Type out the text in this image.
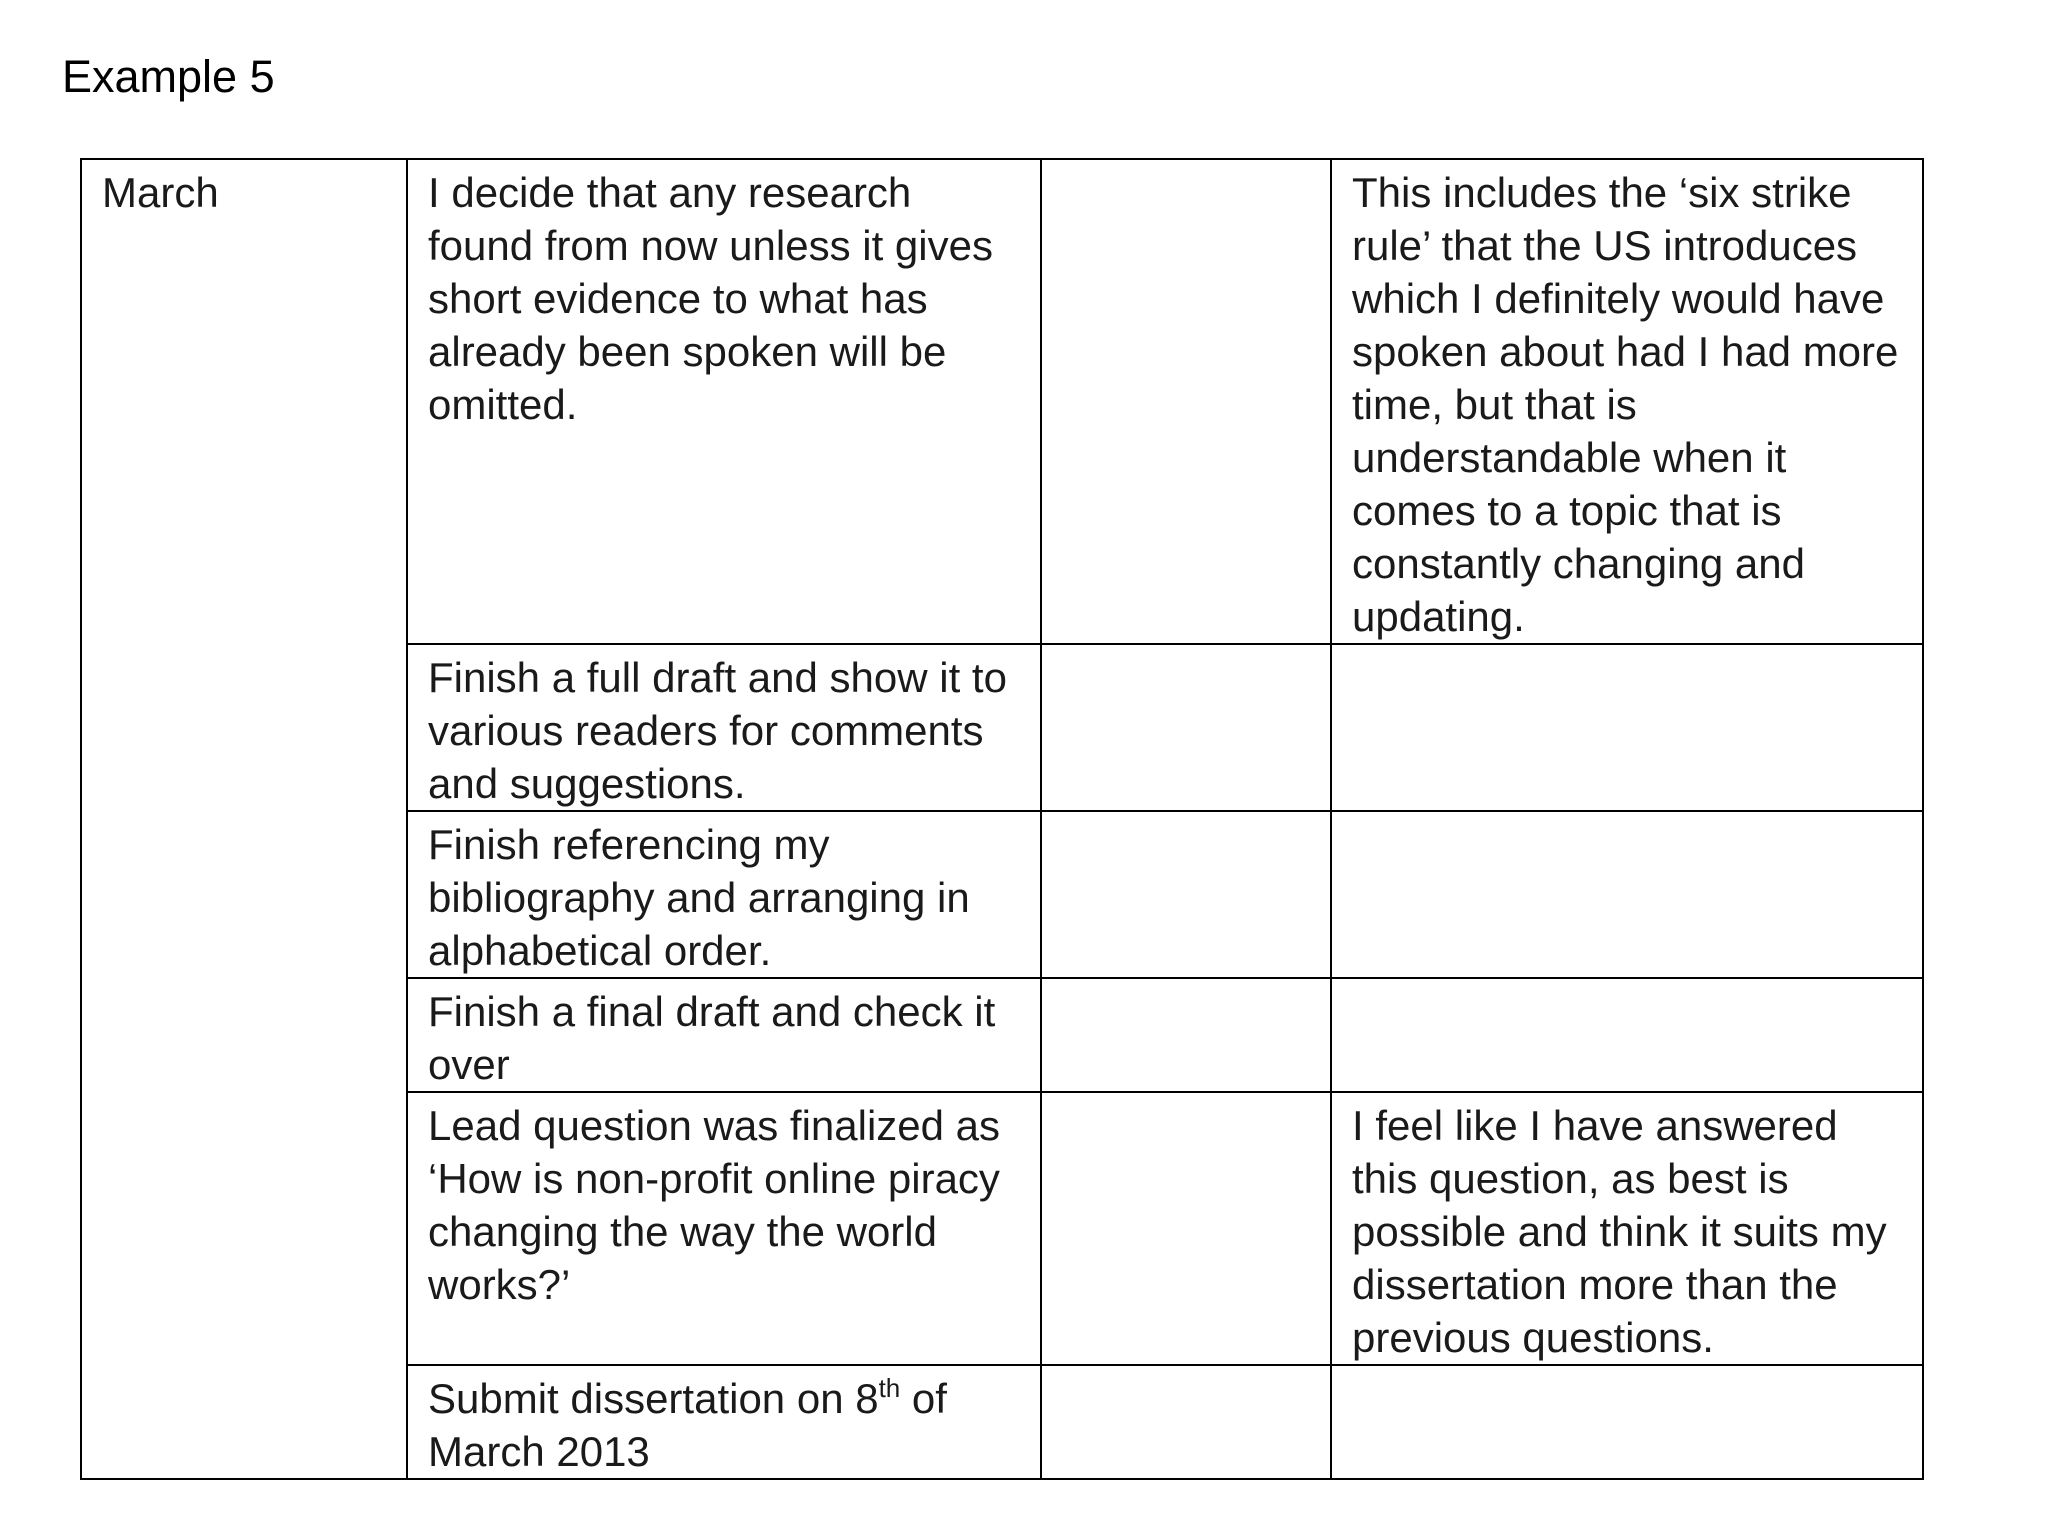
Example 5
March	I decide that any research found from now unless it gives short evidence to what has already been spoken will be omitted.		This includes the ‘six strike rule’ that the US introduces which I definitely would have spoken about had I had more time, but that is understandable when it comes to a topic that is constantly changing and updating.
	Finish a full draft and show it to various readers for comments and suggestions.		
	Finish referencing my bibliography and arranging in alphabetical order.		
	Finish a final draft and check it over		
	Lead question was finalized as ‘How is non-profit online piracy changing the way the world works?’		I feel like I have answered this question, as best is possible and think it suits my dissertation more than the previous questions.
	Submit dissertation on 8th of March 2013		
